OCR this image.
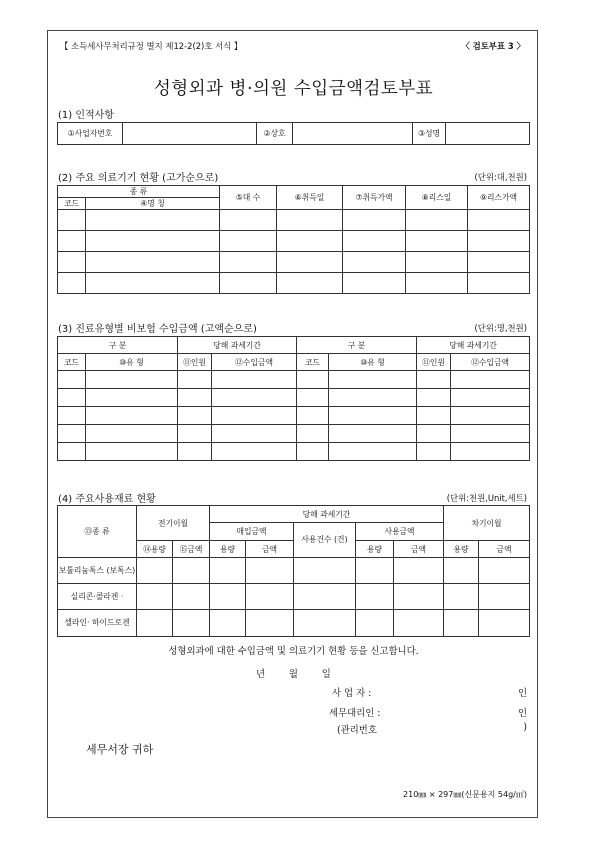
【 소득세사무처리규정 별지 제12-2(2)호 서식 】	〈 검토부표 3 〉
성형외과 병·의원 수입금액검토부표
(1) 인적사항
①사업자번호		②상호		③성명	
(2) 주요 의료기기 현황 (고가순으로)	(단위:대,천원)
종 류		⑤대 수	⑥취득일	⑦취득가액	⑧리스일	⑨리스가액
코드	④명 칭					

(3) 진료유형별 비보험 수입금액 (고액순으로)	(단위:명,천원)
구 분		당해 과세기간		구 분		당해 과세기간	
코드	⑩유 형	⑪인원	⑫수입금액	코드	⑩유 형	⑪인원	⑫수입금액

(4) 주요사용재료 현황	(단위:천원,Unit,세트)
⑬종 류	전기이월		당해 과세기간					차기이월	
			매입금액		사용건수 (건)	사용금액			
	⑭용량	⑮금액	용량	금액		용량	금액	용량	금액
보툴리눔톡스 (보톡스)									
실리콘·콜라겐 ·									
셀라인· 하이드로겐									
성형외과에 대한 수입금액 및 의료기기 현황 등을 신고합니다.
년        월        일
사 업 자 :	인
세무대리인 :	인
(관리번호	)
세무서장 귀하
210㎜ × 297㎜(신문용지 54g/㎡)
